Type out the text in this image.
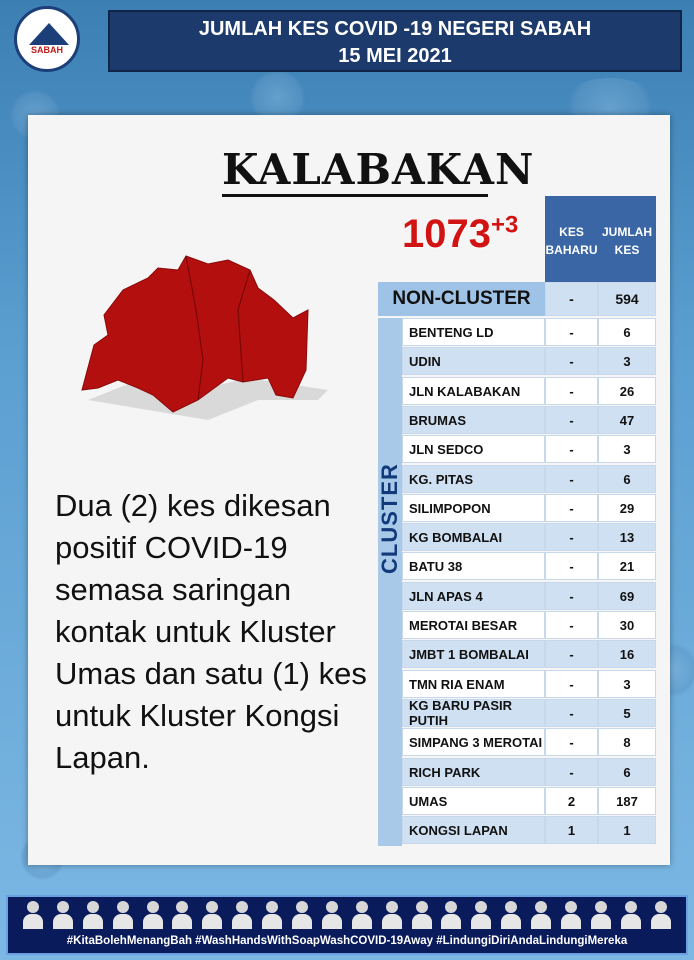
SABAH
JUMLAH KES COVID -19 NEGERI SABAH
15 MEI 2021
KALABAKAN
$1073^{+3}$
Dua (2) kes dikesan positif COVID-19 semasa saringan kontak untuk Kluster Umas dan satu (1) kes untuk Kluster Kongsi Lapan.
KES BAHARU
JUMLAH KES
NON-CLUSTER	-	594
BENTENG LD	-	6
UDIN	-	3
JLN KALABAKAN	-	26
BRUMAS	-	47
JLN SEDCO	-	3
KG. PITAS	-	6
SILIMPOPON	-	29
KG BOMBALAI	-	13
BATU 38	-	21
JLN APAS 4	-	69
MEROTAI BESAR	-	30
JMBT 1 BOMBALAI	-	16
TMN RIA ENAM	-	3
KG BARU PASIR PUTIH	-	5
SIMPANG 3 MEROTAI	-	8
RICH PARK	-	6
UMAS	2	187
KONGSI LAPAN	1	1
#KitaBolehMenangBah #WashHandsWithSoapWashCOVID-19Away #LindungiDiriAndaLindungiMereka
